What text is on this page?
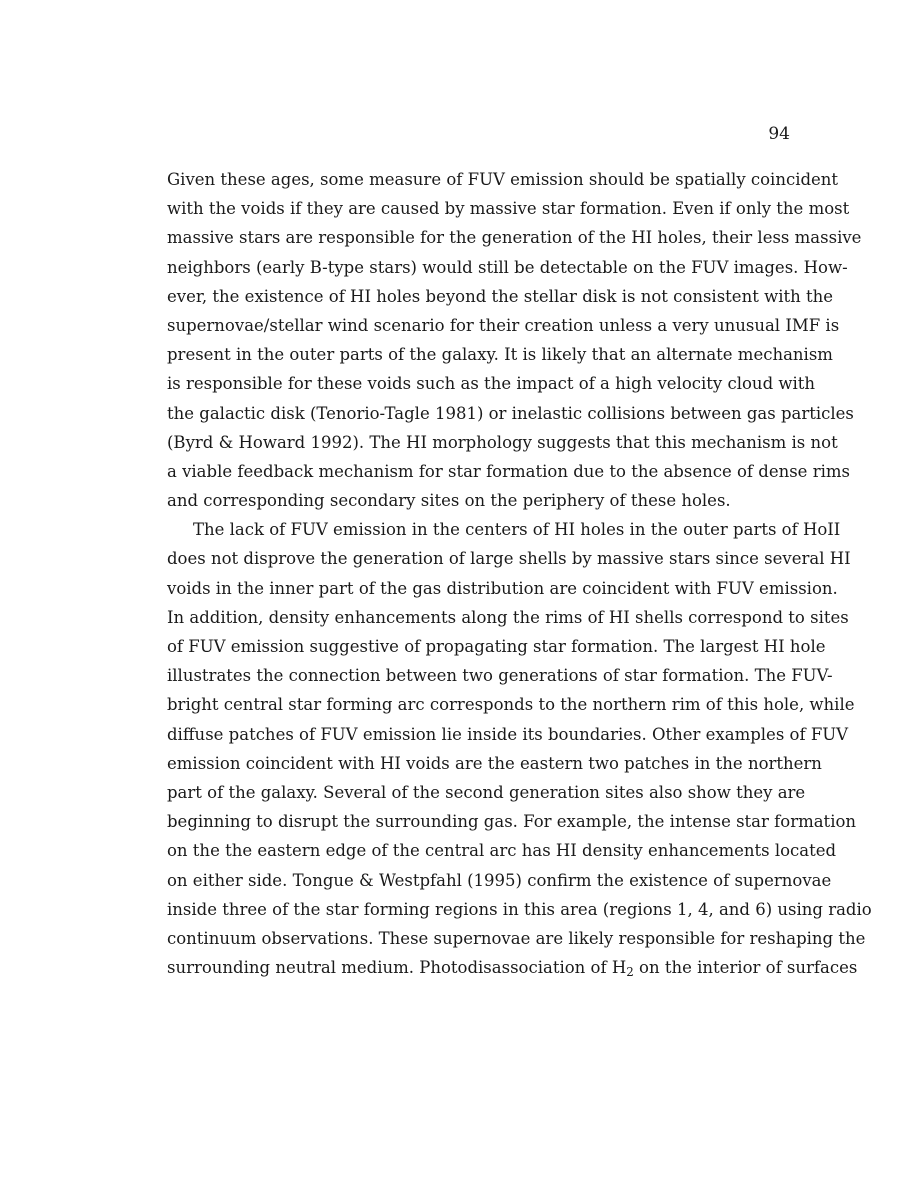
94
Given these ages, some measure of FUV emission should be spatially coincident
with the voids if they are caused by massive star formation. Even if only the most
massive stars are responsible for the generation of the HI holes, their less massive
neighbors (early B-type stars) would still be detectable on the FUV images. How-
ever, the existence of HI holes beyond the stellar disk is not consistent with the
supernovae/stellar wind scenario for their creation unless a very unusual IMF is
present in the outer parts of the galaxy. It is likely that an alternate mechanism
is responsible for these voids such as the impact of a high velocity cloud with
the galactic disk (Tenorio-Tagle 1981) or inelastic collisions between gas particles
(Byrd & Howard 1992). The HI morphology suggests that this mechanism is not
a viable feedback mechanism for star formation due to the absence of dense rims
and corresponding secondary sites on the periphery of these holes.
The lack of FUV emission in the centers of HI holes in the outer parts of HoII
does not disprove the generation of large shells by massive stars since several HI
voids in the inner part of the gas distribution are coincident with FUV emission.
In addition, density enhancements along the rims of HI shells correspond to sites
of FUV emission suggestive of propagating star formation. The largest HI hole
illustrates the connection between two generations of star formation. The FUV-
bright central star forming arc corresponds to the northern rim of this hole, while
diffuse patches of FUV emission lie inside its boundaries. Other examples of FUV
emission coincident with HI voids are the eastern two patches in the northern
part of the galaxy. Several of the second generation sites also show they are
beginning to disrupt the surrounding gas. For example, the intense star formation
on the the eastern edge of the central arc has HI density enhancements located
on either side. Tongue & Westpfahl (1995) confirm the existence of supernovae
inside three of the star forming regions in this area (regions 1, 4, and 6) using radio
continuum observations. These supernovae are likely responsible for reshaping the
surrounding neutral medium. Photodisassociation of $H_2$ on the interior of surfaces
